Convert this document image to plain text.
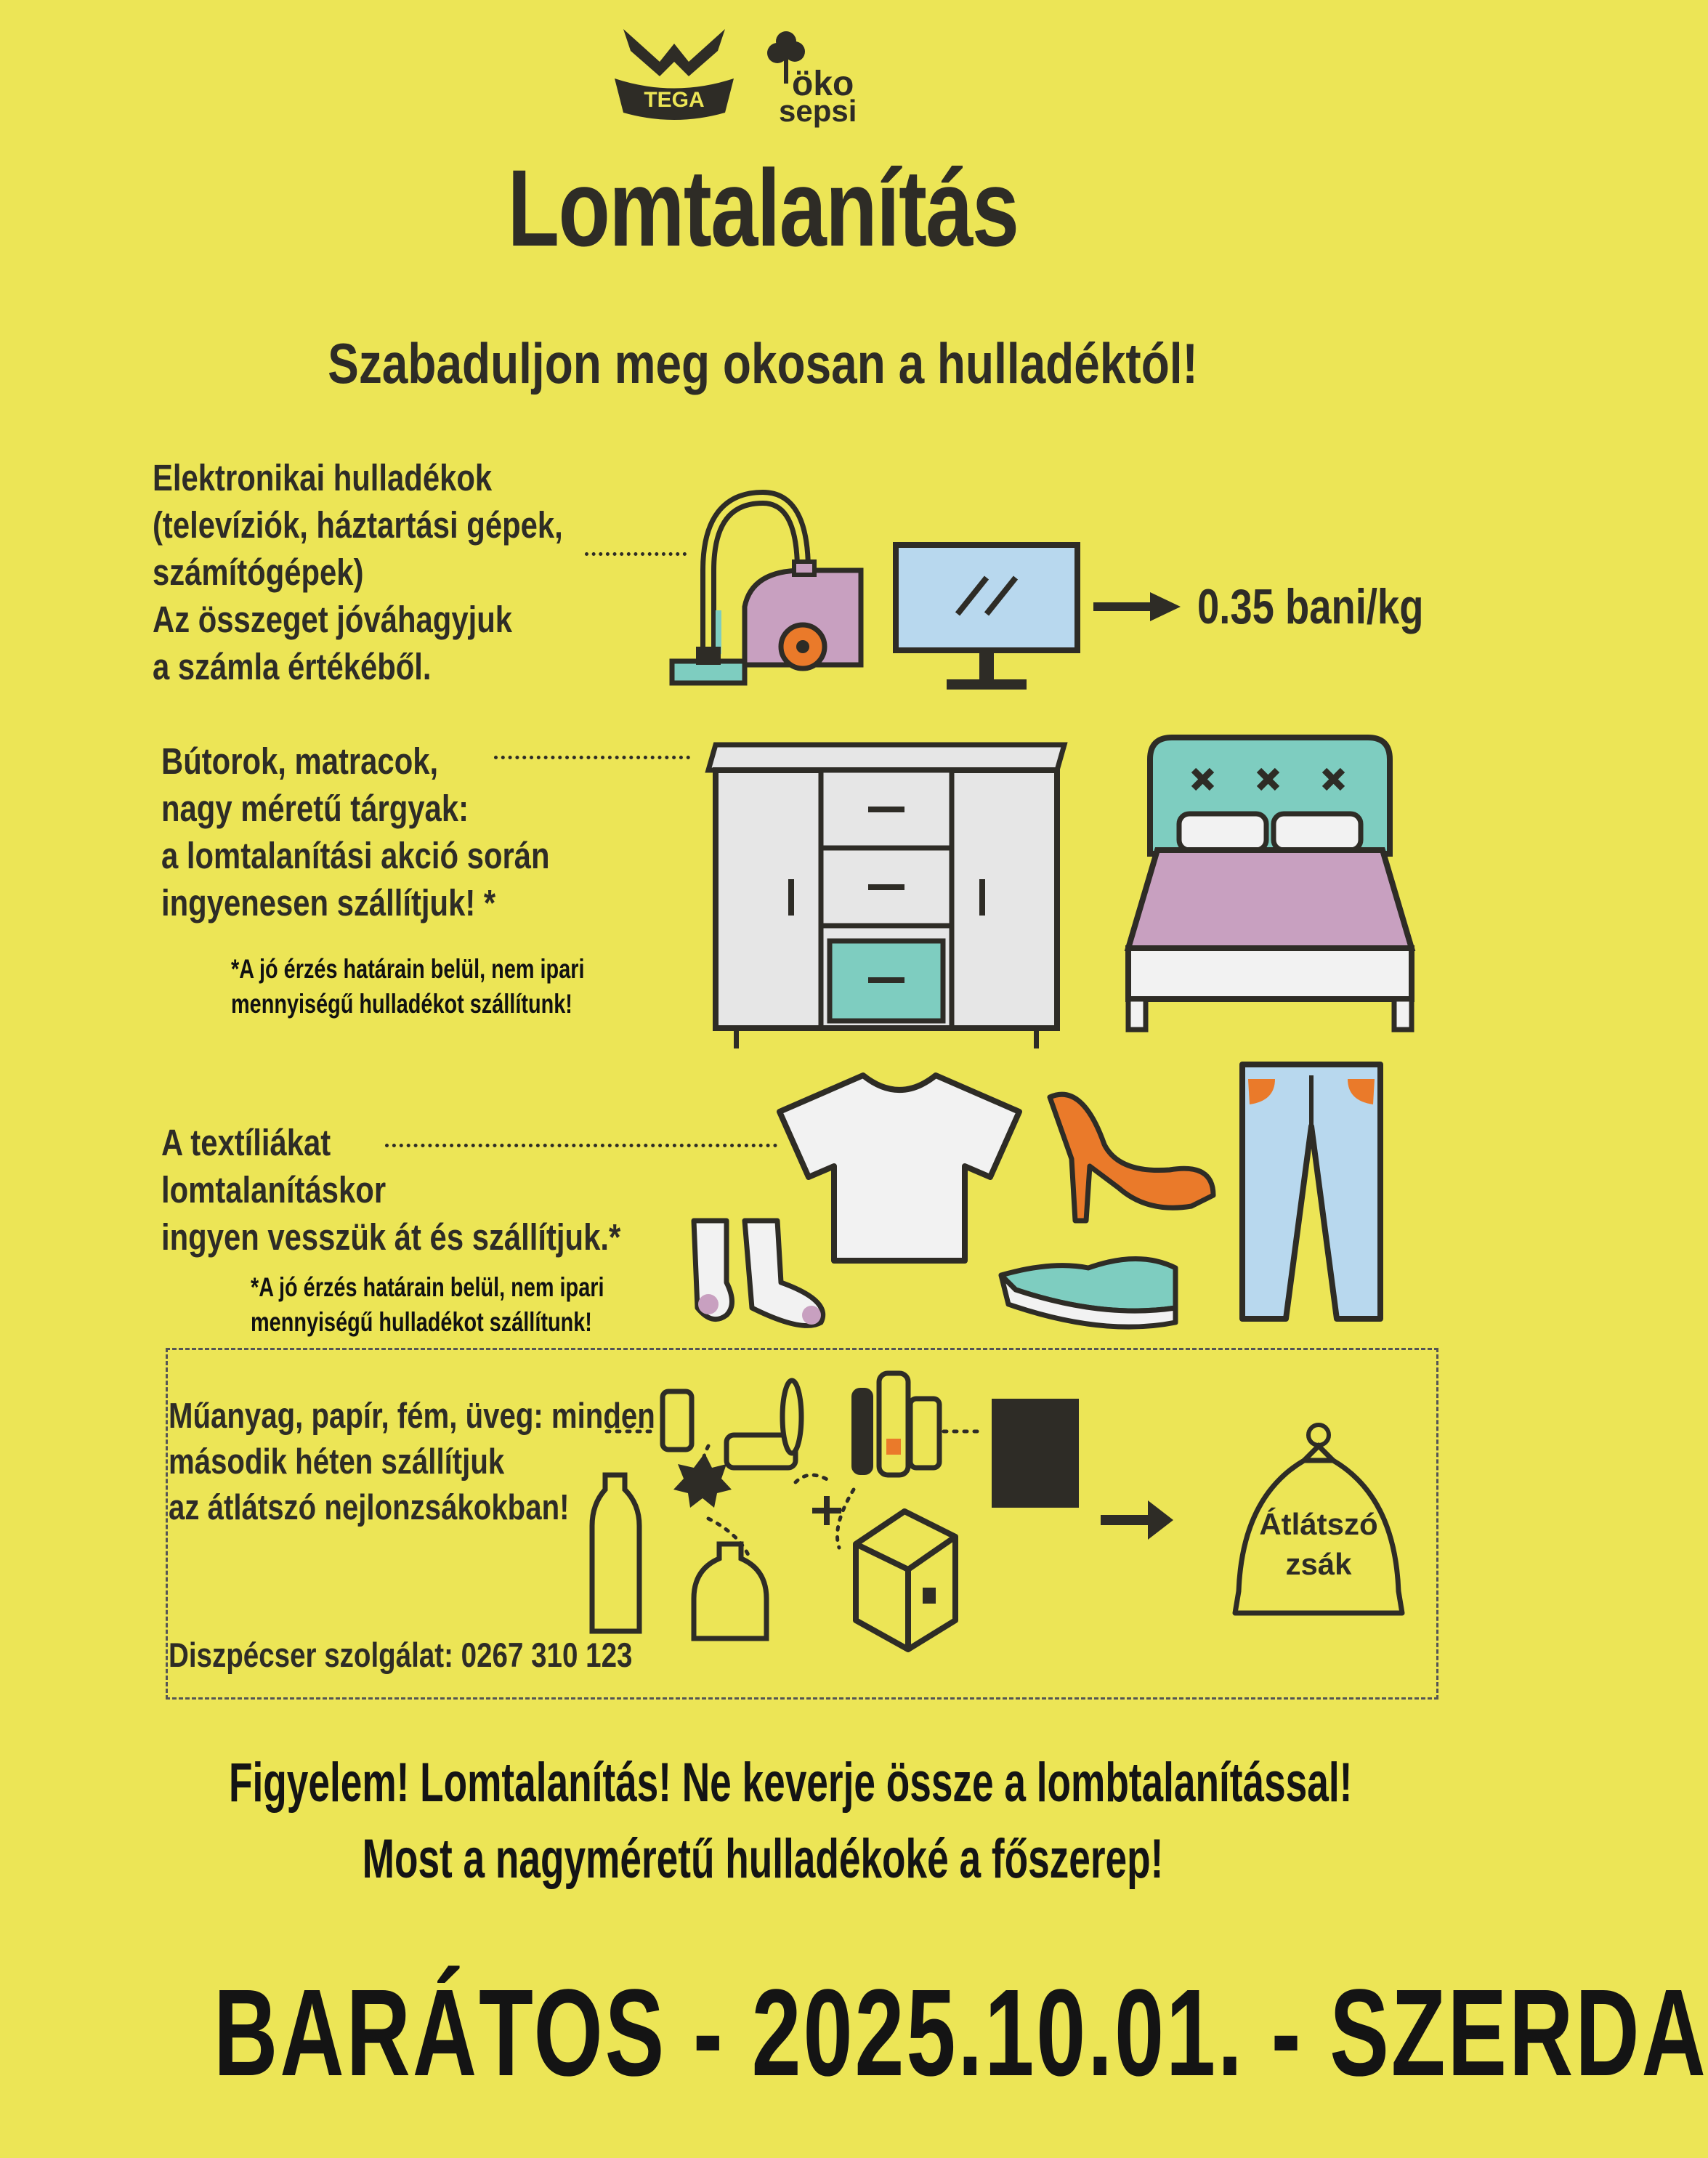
TEGA	öko
sepsi
Lomtalanítás
Szabaduljon meg okosan a hulladéktól!
Elektronikai hulladékok
(televíziók, háztartási gépek,
számítógépek)
Az összeget jóváhagyjuk
a számla értékéből.
0.35 bani/kg
Bútorok, matracok,
nagy méretű tárgyak:
a lomtalanítási akció során
ingyenesen szállítjuk! *
*A jó érzés határain belül, nem ipari
mennyiségű hulladékot szállítunk!
A textíliákat
lomtalanításkor
ingyen vesszük át és szállítjuk.*
*A jó érzés határain belül, nem ipari
mennyiségű hulladékot szállítunk!
Műanyag, papír, fém, üveg: minden
második héten szállítjuk
az átlátszó nejlonzsákokban!
Diszpécser szolgálat: 0267 310 123
Átlátszó
zsák
Figyelem! Lomtalanítás! Ne keverje össze a lombtalanítással!
Most a nagyméretű hulladékoké a főszerep!
BARÁTOS - 2025.10.01. - SZERDA
